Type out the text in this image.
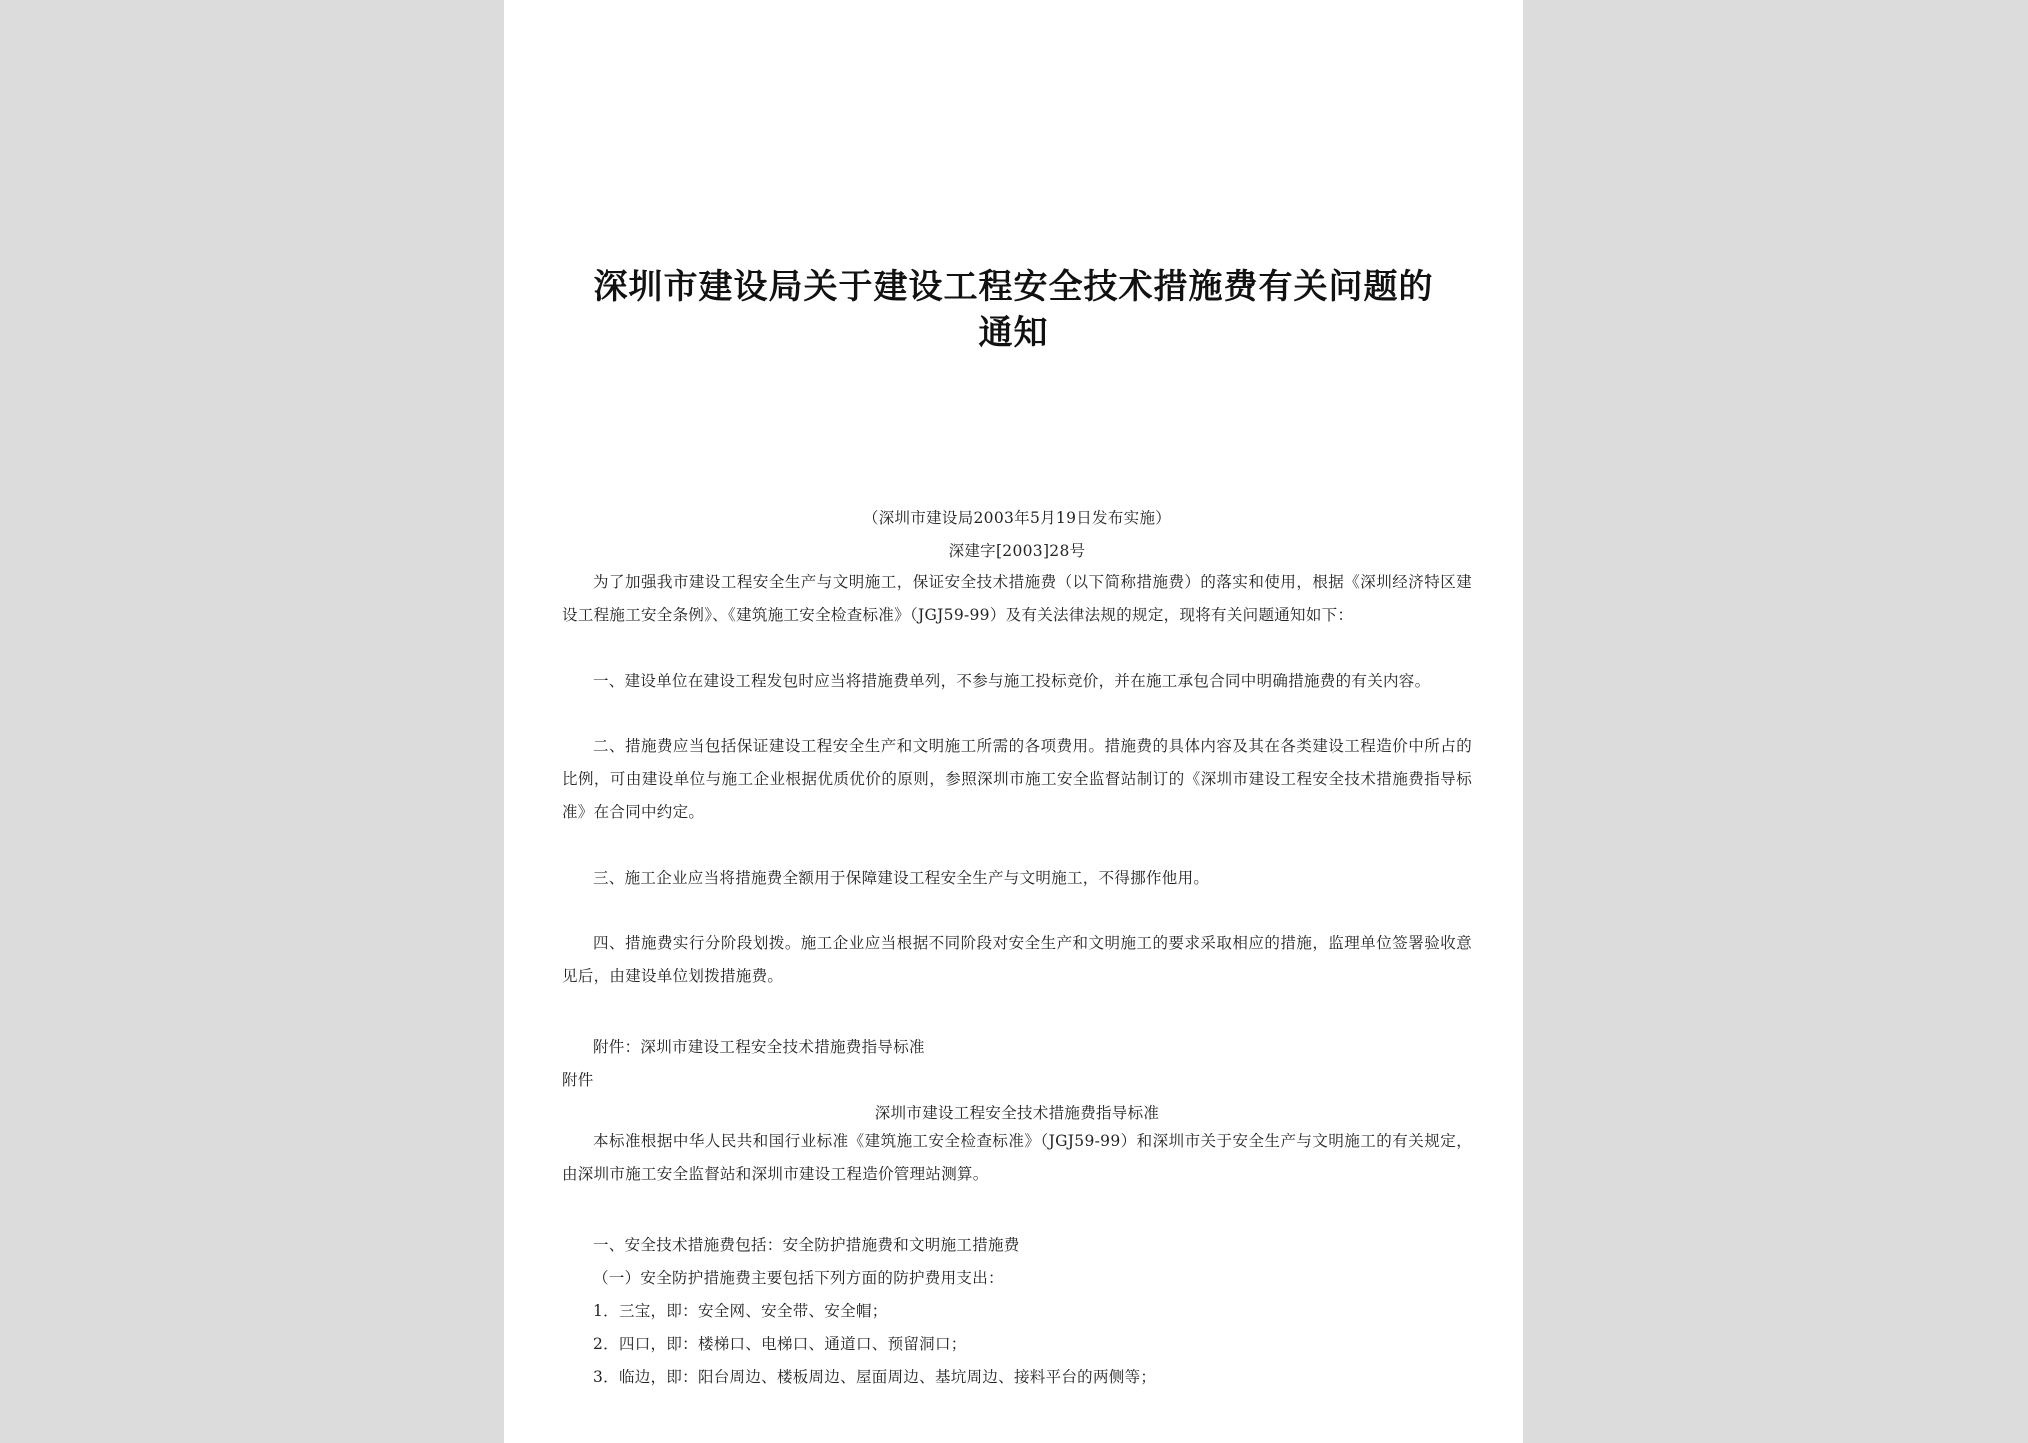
深圳市建设局关于建设工程安全技术措施费有关问题的
通知
（深圳市建设局2003年5月19日发布实施）
深建字[2003]28号

为了加强我市建设工程安全生产与文明施工，保证安全技术措施费（以下简称措施费）的落实和使用，根据《深圳经济特区建设工程施工安全条例》、《建筑施工安全检查标准》（JGJ59-99）及有关法律法规的规定，现将有关问题通知如下：

一、建设单位在建设工程发包时应当将措施费单列，不参与施工投标竞价，并在施工承包合同中明确措施费的有关内容。

二、措施费应当包括保证建设工程安全生产和文明施工所需的各项费用。措施费的具体内容及其在各类建设工程造价中所占的比例，可由建设单位与施工企业根据优质优价的原则，参照深圳市施工安全监督站制订的《深圳市建设工程安全技术措施费指导标准》在合同中约定。

三、施工企业应当将措施费全额用于保障建设工程安全生产与文明施工，不得挪作他用。

四、措施费实行分阶段划拨。施工企业应当根据不同阶段对安全生产和文明施工的要求采取相应的措施，监理单位签署验收意见后，由建设单位划拨措施费。

附件：深圳市建设工程安全技术措施费指导标准
附件
深圳市建设工程安全技术措施费指导标准

本标准根据中华人民共和国行业标准《建筑施工安全检查标准》（JGJ59-99）和深圳市关于安全生产与文明施工的有关规定，由深圳市施工安全监督站和深圳市建设工程造价管理站测算。

一、安全技术措施费包括：安全防护措施费和文明施工措施费
（一）安全防护措施费主要包括下列方面的防护费用支出：
1．三宝，即：安全网、安全带、安全帽；
2．四口，即：楼梯口、电梯口、通道口、预留洞口；
3．临边，即：阳台周边、楼板周边、屋面周边、基坑周边、接料平台的两侧等；
